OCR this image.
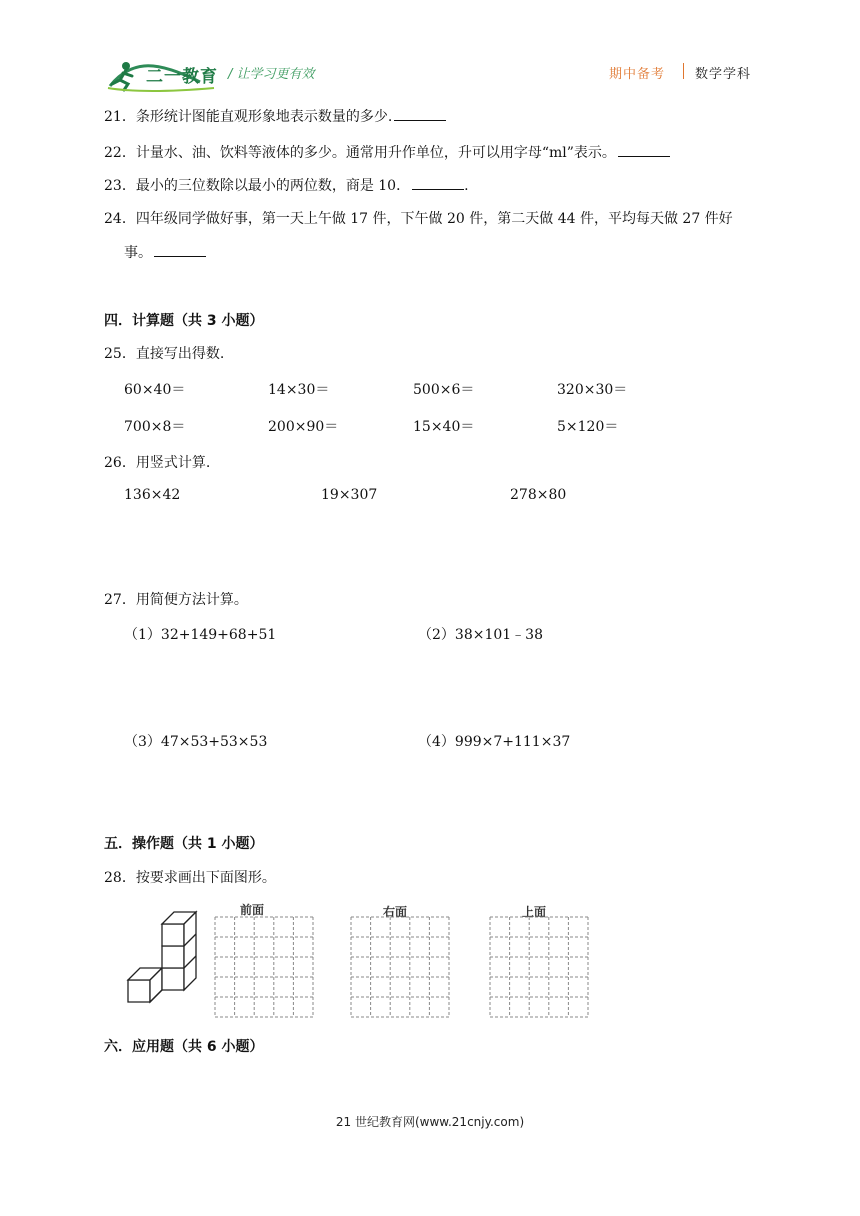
二一教育 / 让学习更有效	期中备考 数学学科
21．条形统计图能直观形象地表示数量的多少.
22．计量水、油、饮料等液体的多少。通常用升作单位，升可以用字母“ml”表示。
23．最小的三位数除以最小的两位数，商是 10．	.
24．四年级同学做好事，第一天上午做 17 件，下午做 20 件，第二天做 44 件，平均每天做 27 件好
事。
四．计算题（共 3 小题）
25．直接写出得数.
60×40＝	14×30＝	500×6＝	320×30＝
700×8＝	200×90＝	15×40＝	5×120＝
26．用竖式计算.
136×42	19×307	278×80
27．用简便方法计算。
（1）32+149+68+51	（2）38×101﹣38
（3）47×53+53×53	（4）999×7+111×37
五．操作题（共 1 小题）
28．按要求画出下面图形。
前面	右面	上面
六．应用题（共 6 小题）
21 世纪教育网(www.21cnjy.com)
